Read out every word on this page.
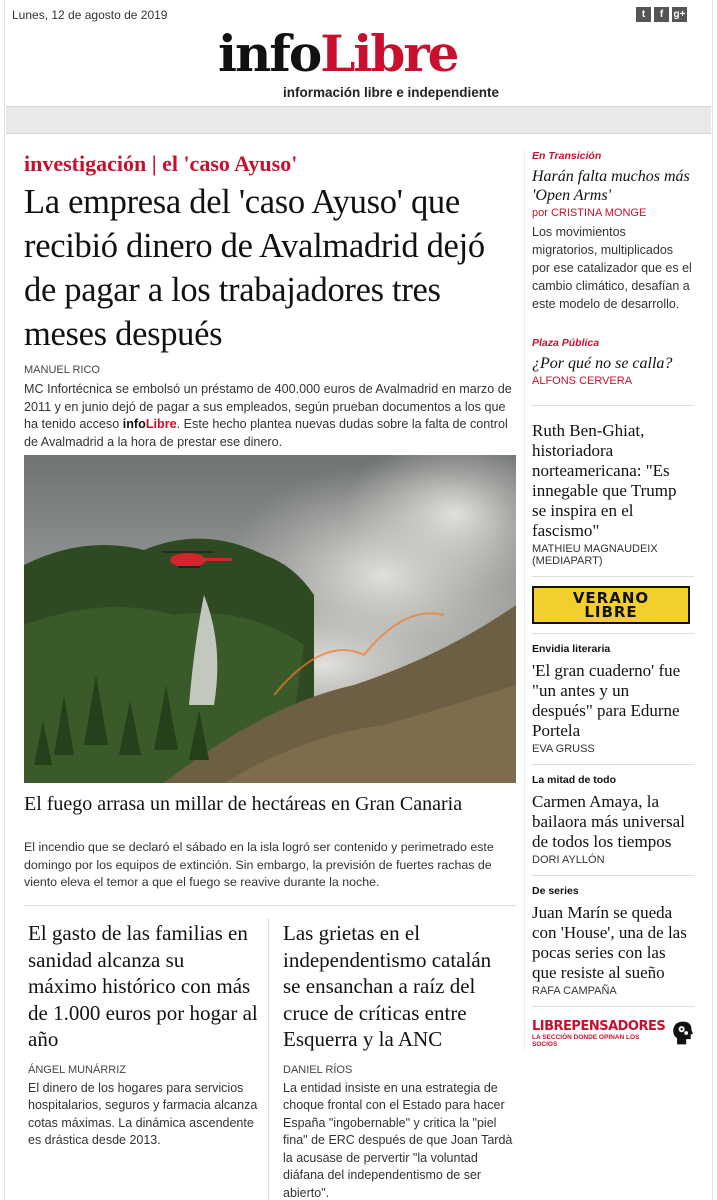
Lunes, 12 de agosto de 2019	t	f	g+
infoLibre
información libre e independiente
investigación | el 'caso Ayuso'
La empresa del 'caso Ayuso' que recibió dinero de Avalmadrid dejó de pagar a los trabajadores tres meses después
MANUEL RICO
MC Infortécnica se embolsó un préstamo de 400.000 euros de Avalmadrid en marzo de 2011 y en junio dejó de pagar a sus empleados, según prueban documentos a los que ha tenido acceso infoLibre. Este hecho plantea nuevas dudas sobre la falta de control de Avalmadrid a la hora de prestar ese dinero.
El fuego arrasa un millar de hectáreas en Gran Canaria
El incendio que se declaró el sábado en la isla logró ser contenido y perimetrado este domingo por los equipos de extinción. Sin embargo, la previsión de fuertes rachas de viento eleva el temor a que el fuego se reavive durante la noche.
El gasto de las familias en sanidad alcanza su máximo histórico con más de 1.000 euros por hogar al año
ÁNGEL MUNÁRRIZ

El dinero de los hogares para servicios hospitalarios, seguros y farmacia alcanza cotas máximas. La dinámica ascendente es drástica desde 2013.

Las grietas en el independentismo catalán se ensanchan a raíz del cruce de críticas entre Esquerra y la ANC
DANIEL RÍOS

La entidad insiste en una estrategia de choque frontal con el Estado para hacer España "ingobernable" y critica la "piel fina" de ERC después de que Joan Tardà la acusase de pervertir "la voluntad diáfana del independentismo de ser abierto".

En Transición
Harán falta muchos más 'Open Arms'
por CRISTINA MONGE
Los movimientos migratorios, multiplicados por ese catalizador que es el cambio climático, desafían a este modelo de desarrollo.
Plaza Pública
¿Por qué no se calla?
ALFONS CERVERA
Ruth Ben-Ghiat, historiadora norteamericana: "Es innegable que Trump se inspira en el fascismo"
MATHIEU MAGNAUDEIX (MEDIAPART)
VERANO
LIBRE
Envidia literaria
'El gran cuaderno' fue "un antes y un después" para Edurne Portela
EVA GRUSS
La mitad de todo
Carmen Amaya, la bailaora más universal de todos los tiempos
DORI AYLLÓN
De series
Juan Marín se queda con 'House', una de las pocas series con las que resiste al sueño
RAFA CAMPAÑA
LIBREPENSADORES
LA SECCIÓN DONDE OPINAN LOS SOCIOS
